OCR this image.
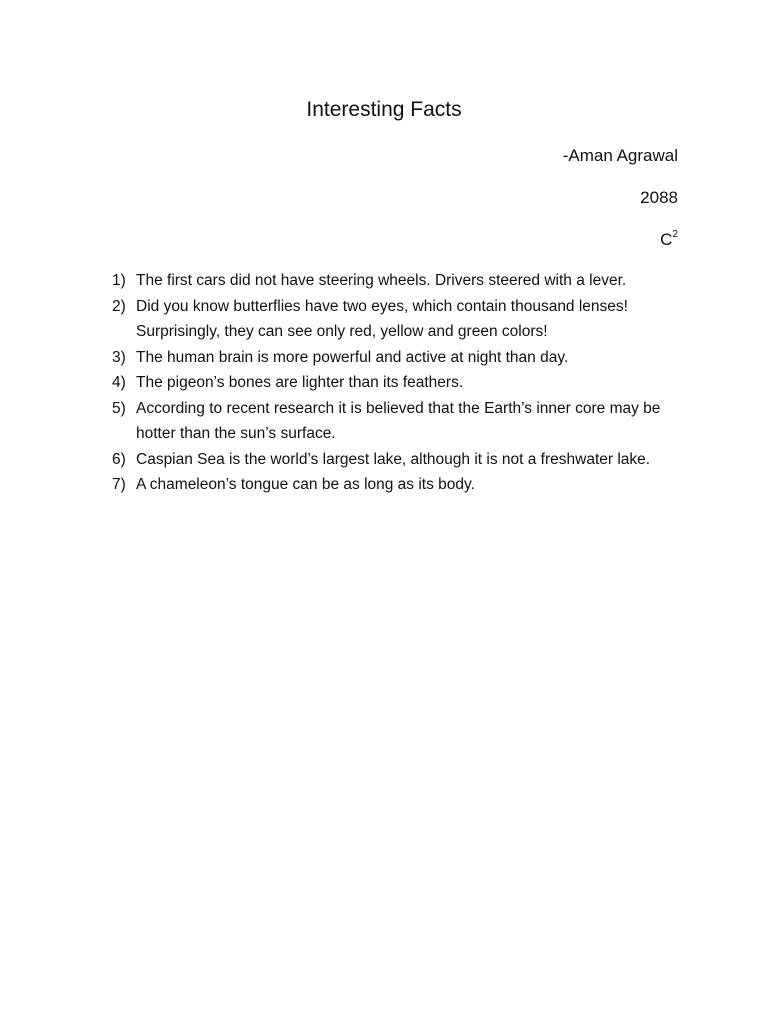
Interesting Facts
-Aman Agrawal
2088
$C^2$
1) The first cars did not have steering wheels. Drivers steered with a lever.
2) Did you know butterflies have two eyes, which contain thousand lenses! Surprisingly, they can see only red, yellow and green colors!
3) The human brain is more powerful and active at night than day.
4) The pigeon’s bones are lighter than its feathers.
5) According to recent research it is believed that the Earth’s inner core may be hotter than the sun’s surface.
6) Caspian Sea is the world’s largest lake, although it is not a freshwater lake.
7) A chameleon’s tongue can be as long as its body.
